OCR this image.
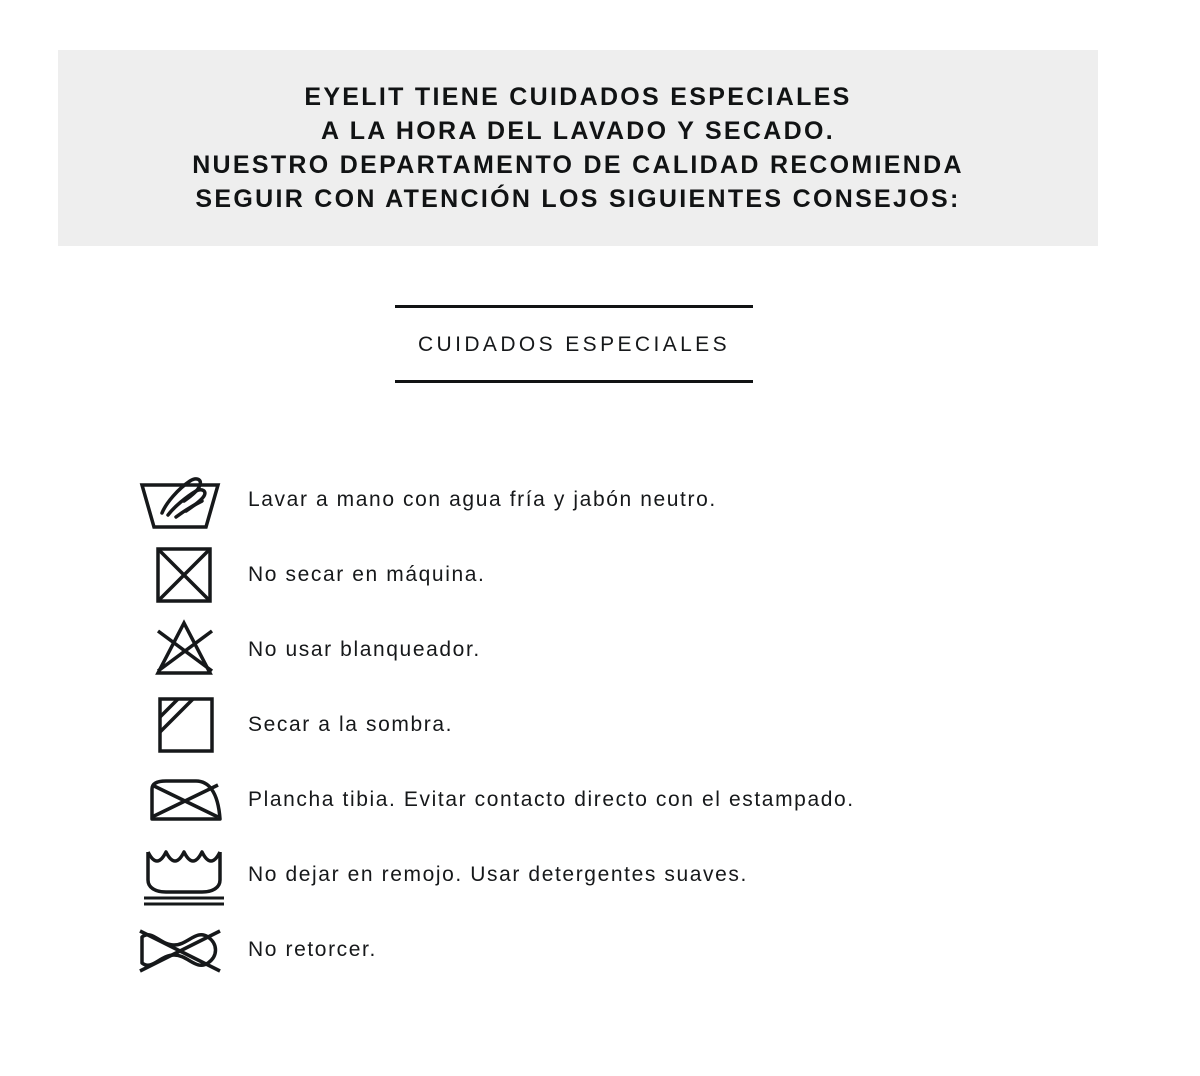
EYELIT TIENE CUIDADOS ESPECIALES
A LA HORA DEL LAVADO Y SECADO.
NUESTRO DEPARTAMENTO DE CALIDAD RECOMIENDA
SEGUIR CON ATENCIÓN LOS SIGUIENTES CONSEJOS:
CUIDADOS ESPECIALES
Lavar a mano con agua fría y jabón neutro.
No secar en máquina.
No usar blanqueador.
Secar a la sombra.
Plancha tibia. Evitar contacto directo con el estampado.
No dejar en remojo. Usar detergentes suaves.
No retorcer.
